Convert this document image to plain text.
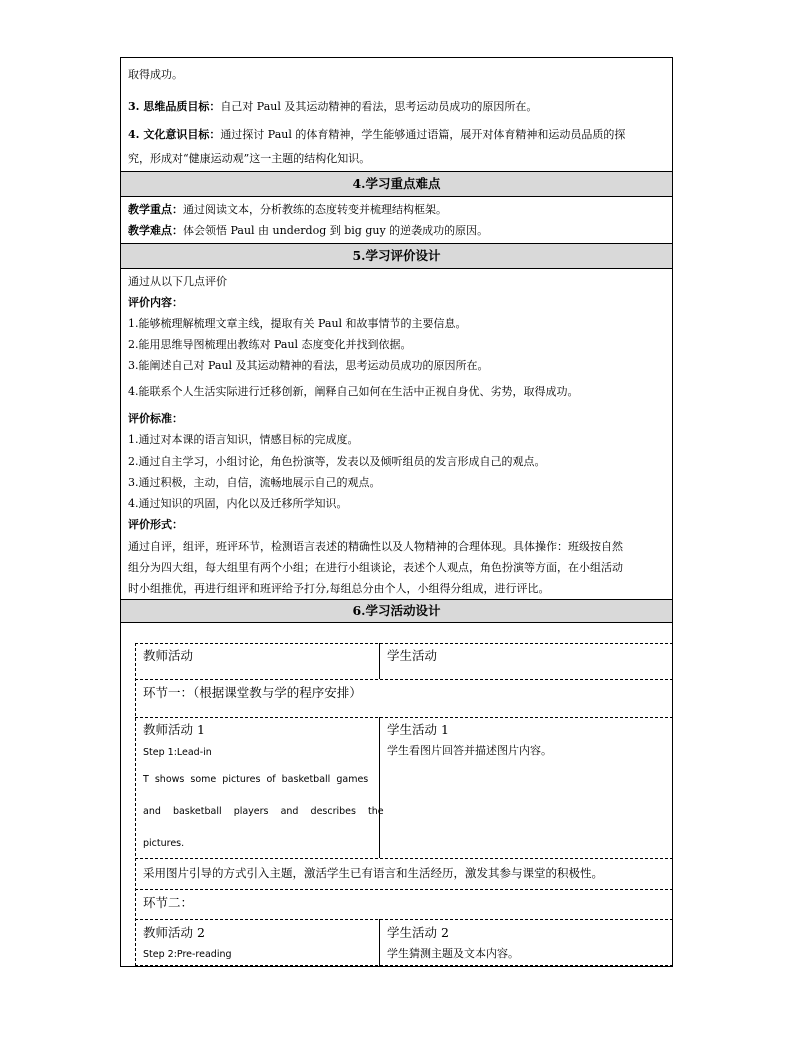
取得成功。
3. 思维品质目标：自己对 Paul 及其运动精神的看法，思考运动员成功的原因所在。
4. 文化意识目标：通过探讨 Paul 的体育精神，学生能够通过语篇，展开对体育精神和运动员品质的探
究，形成对“健康运动观”这一主题的结构化知识。
4.学习重点难点
教学重点：通过阅读文本，分析教练的态度转变并梳理结构框架。
教学难点：体会领悟 Paul 由 underdog 到 big guy 的逆袭成功的原因。
5.学习评价设计
通过从以下几点评价
评价内容：
1.能够梳理解梳理文章主线，提取有关 Paul 和故事情节的主要信息。
2.能用思维导图梳理出教练对 Paul 态度变化并找到依据。
3.能阐述自己对 Paul 及其运动精神的看法，思考运动员成功的原因所在。
4.能联系个人生活实际进行迁移创新，阐释自己如何在生活中正视自身优、劣势，取得成功。
评价标准：
1.通过对本课的语言知识，情感目标的完成度。
2.通过自主学习，小组讨论，角色扮演等，发表以及倾听组员的发言形成自己的观点。
3.通过积极，主动，自信，流畅地展示自己的观点。
4.通过知识的巩固，内化以及迁移所学知识。
评价形式：
通过自评，组评，班评环节，检测语言表述的精确性以及人物精神的合理体现。具体操作：班级按自然
组分为四大组，每大组里有两个小组；在进行小组谈论，表述个人观点，角色扮演等方面，在小组活动
时小组推优，再进行组评和班评给予打分,每组总分由个人，小组得分组成，进行评比。
6.学习活动设计
教师活动	学生活动
环节一：（根据课堂教与学的程序安排）
教师活动 1
Step 1:Lead-in
T  shows  some  pictures  of  basketball  games
and    basketball    players    and    describes    the
pictures.
学生活动 1
学生看图片回答并描述图片内容。
采用图片引导的方式引入主题，激活学生已有语言和生活经历，激发其参与课堂的积极性。
环节二：
教师活动 2
Step 2:Pre-reading
学生活动 2
学生猜测主题及文本内容。
